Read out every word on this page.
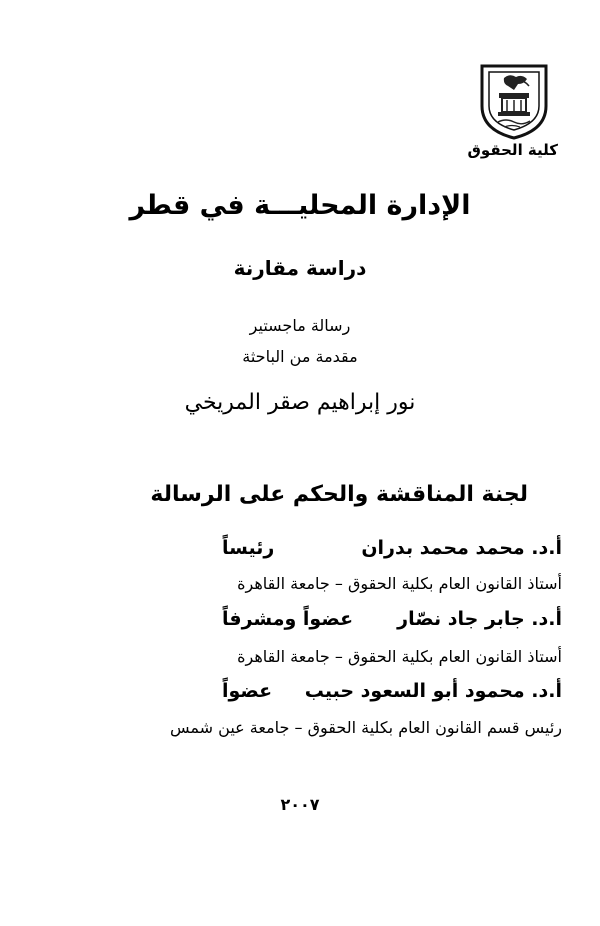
كلية الحقوق
الإدارة المحليـــة في قطر
دراسة مقارنة
رسالة ماجستير
مقدمة من الباحثة
نور إبراهيم صقر المريخي
لجنة المناقشة والحكم على الرسالة
أ.د. محمد محمد بدران
رئيساً
أستاذ القانون العام بكلية الحقوق – جامعة القاهرة
أ.د. جابر جاد نصّار
عضواً ومشرفاً
أستاذ القانون العام بكلية الحقوق – جامعة القاهرة
أ.د. محمود أبو السعود حبيب
عضواً
رئيس قسم القانون العام بكلية الحقوق – جامعة عين شمس
٢٠٠٧
